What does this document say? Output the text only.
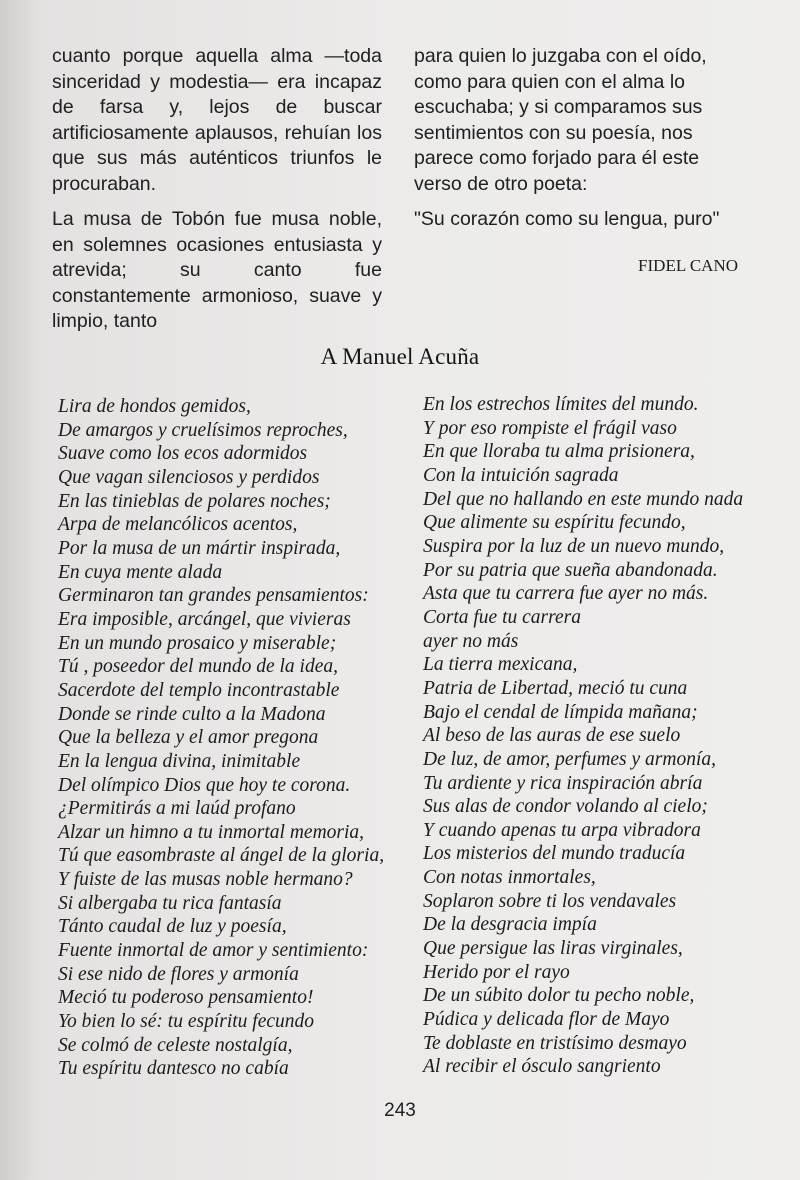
cuanto porque aquella alma —toda sinceridad y modestia— era incapaz de farsa y, lejos de buscar artificiosamente aplausos, rehuían los que sus más auténticos triunfos le procuraban.

La musa de Tobón fue musa noble, en solemnes ocasiones entusiasta y atrevida; su canto fue constantemente armonioso, suave y limpio, tanto

para quien lo juzgaba con el oído, como para quien con el alma lo escuchaba; y si comparamos sus sentimientos con su poesía, nos parece como forjado para él este verso de otro poeta:

"Su corazón como su lengua, puro"

FIDEL CANO
A Manuel Acuña
Lira de hondos gemidos,
De amargos y cruelísimos reproches,
Suave como los ecos adormidos
Que vagan silenciosos y perdidos
En las tinieblas de polares noches;
Arpa de melancólicos acentos,
Por la musa de un mártir inspirada,
En cuya mente alada
Germinaron tan grandes pensamientos:
Era imposible, arcángel, que vivieras
En un mundo prosaico y miserable;
Tú , poseedor del mundo de la idea,
Sacerdote del templo incontrastable
Donde se rinde culto a la Madona
Que la belleza y el amor pregona
En la lengua divina, inimitable
Del olímpico Dios que hoy te corona.
¿Permitirás a mi laúd profano
Alzar un himno a tu inmortal memoria,
Tú que easombraste al ángel de la gloria,
Y fuiste de las musas noble hermano?
Si albergaba tu rica fantasía
Tánto caudal de luz y poesía,
Fuente inmortal de amor y sentimiento:
Si ese nido de flores y armonía
Meció tu poderoso pensamiento!
Yo bien lo sé: tu espíritu fecundo
Se colmó de celeste nostalgía,
Tu espíritu dantesco no cabía
En los estrechos límites del mundo.
Y por eso rompiste el frágil vaso
En que lloraba tu alma prisionera,
Con la intuición sagrada
Del que no hallando en este mundo nada
Que alimente su espíritu fecundo,
Suspira por la luz de un nuevo mundo,
Por su patria que sueña abandonada.
Asta que tu carrera fue ayer no más.
Corta fue tu carrera
ayer no más
La tierra mexicana,
Patria de Libertad, meció tu cuna
Bajo el cendal de límpida mañana;
Al beso de las auras de ese suelo
De luz, de amor, perfumes y armonía,
Tu ardiente y rica inspiración abría
Sus alas de condor volando al cielo;
Y cuando apenas tu arpa vibradora
Los misterios del mundo traducía
Con notas inmortales,
Soplaron sobre ti los vendavales
De la desgracia impía
Que persigue las liras virginales,
Herido por el rayo
De un súbito dolor tu pecho noble,
Púdica y delicada flor de Mayo
Te doblaste en tristísimo desmayo
Al recibir el ósculo sangriento
243
